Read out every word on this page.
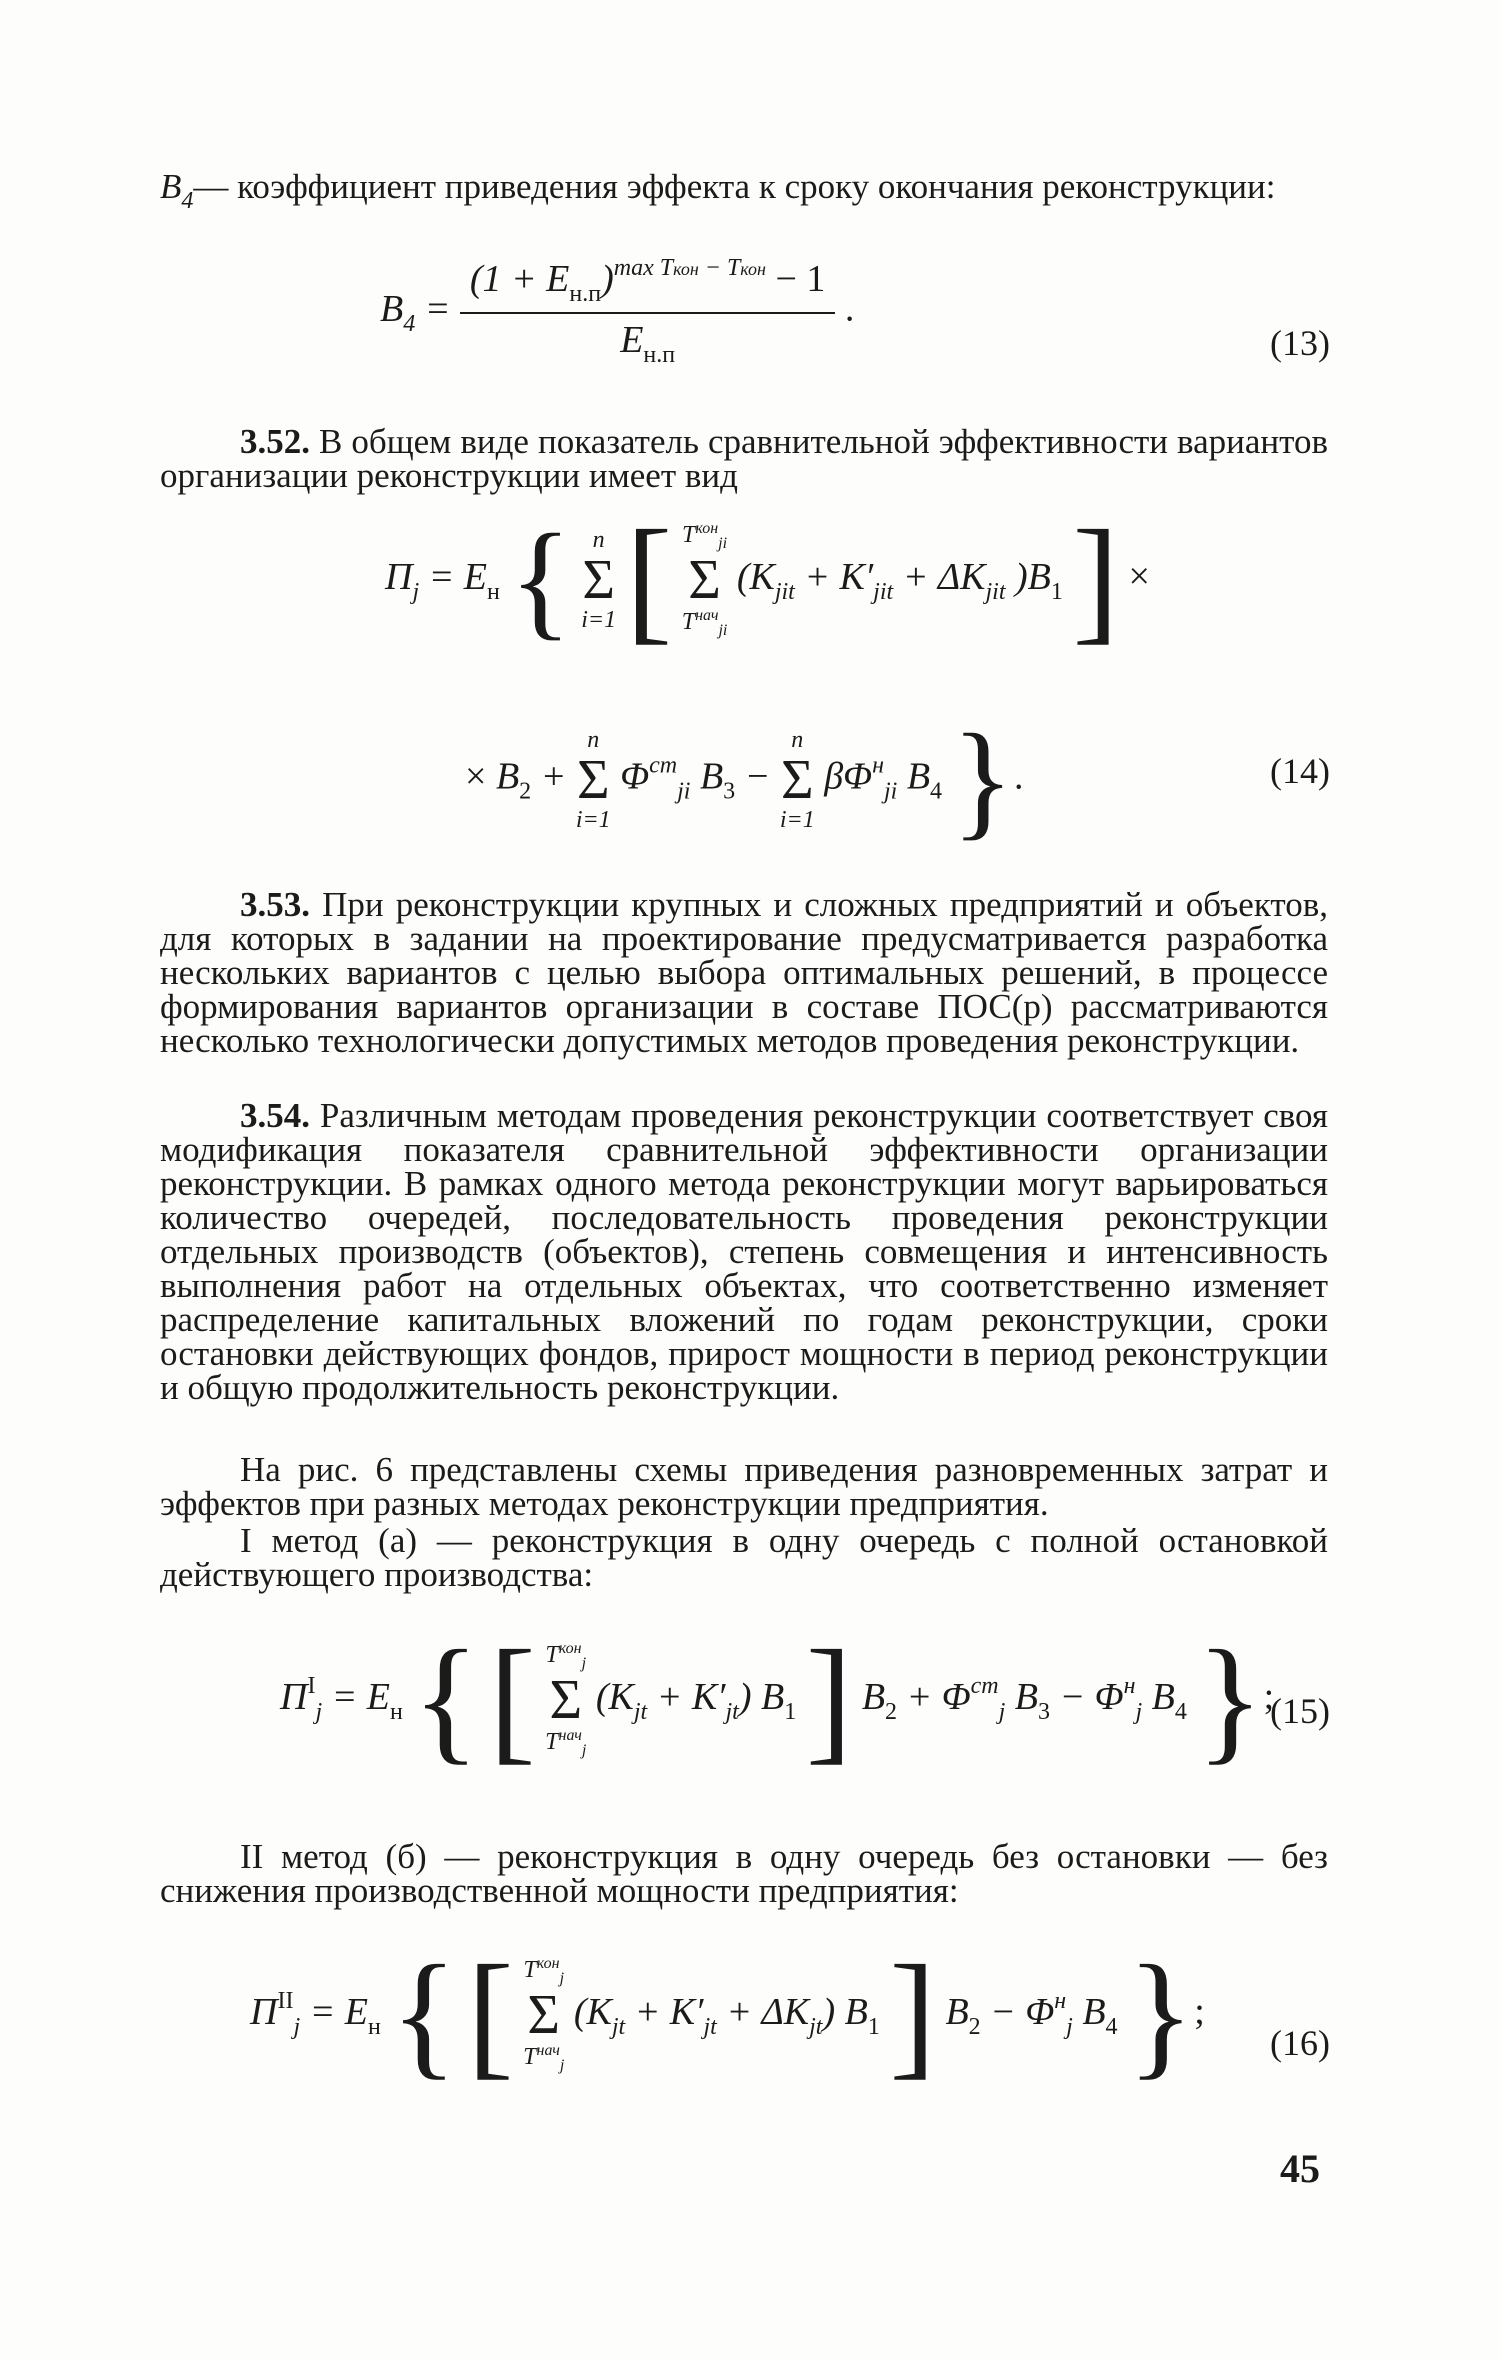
$B_4—$ коэффициент приведения эффекта к сроку окончания реконструкции:

$B_4 = \frac{(1 + E_{н.п})^{max Tкон - Tкон} - 1}{E_{н.п}}$ .
(13)

3.52. В общем виде показатель сравнительной эффективности вариантов организации реконструкции имеет вид

$П_j = E_н$ { n
Σ
i=1 [ $T^{кон}_{ji}$
Σ
$T^{нач}_{ji}$
($K_{jit} + K'_{jit} + \Delta K_{jit}$ )$B_1$ ] ×
× $B_2$ +
n
Σ
i=1
$\Phi^{ст}_{ji}$ $B_3$ −
n
Σ
i=1
$\beta\Phi^н_{ji}$ $B_4$ }.	(14)

3.53. При реконструкции крупных и сложных предприятий и объектов, для которых в задании на проектирование предусматривается разработка нескольких вариантов с целью выбора оптимальных решений, в процессе формирования вариантов организации в составе ПОС(р) рассматриваются несколько технологически допустимых методов проведения реконструкции.

3.54. Различным методам проведения реконструкции соответствует своя модификация показателя сравнительной эффективности организации реконструкции. В рамках одного метода реконструкции могут варьироваться количество очередей, последовательность проведения реконструкции отдельных производств (объектов), степень совмещения и интенсивность выполнения работ на отдельных объектах, что соответственно изменяет распределение капитальных вложений по годам реконструкции, сроки остановки действующих фондов, прирост мощности в период реконструкции и общую продолжительность реконструкции.

На рис. 6 представлены схемы приведения разновременных затрат и эффектов при разных методах реконструкции предприятия.

I метод (а) — реконструкция в одну очередь с полной остановкой действующего производства:

$П^I_j = E_н$ { [ $T^{кон}_j$
Σ
$T^{нач}_j$
$(K_{jt} + K'_{jt})$ $B_1$ ] $B_2 + \Phi^{ст}_j$ $B_3 - \Phi^н_j$ $B_4$ };
(15)

II метод (б) — реконструкция в одну очередь без остановки — без снижения производственной мощности предприятия:

$П^{II}_j = E_н$ { [ $T^{кон}_j$
Σ
$T^{нач}_j$
$(K_{jt} + K'_{jt} + \Delta K_{jt})$ $B_1$ ] $B_2 - \Phi^н_j$ $B_4$ };
(16)
45
